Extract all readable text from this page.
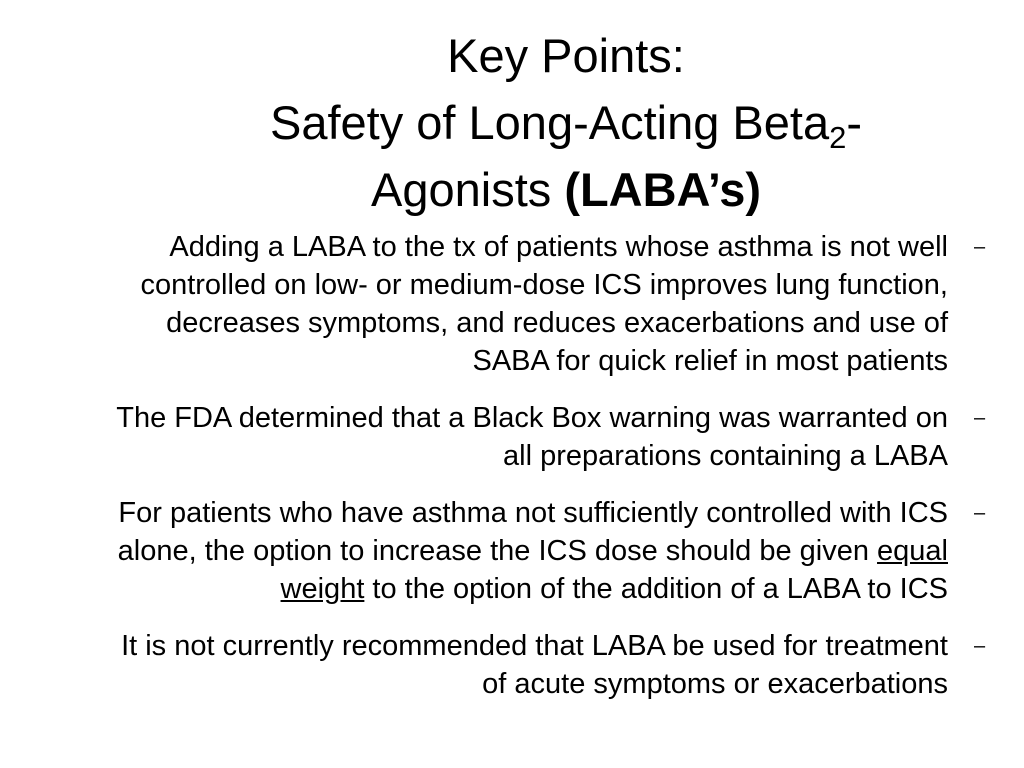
Key Points:
Safety of Long-Acting Beta$_2$-
Agonists (LABA’s)
Adding a LABA to the tx of patients whose asthma is not well controlled on low- or medium-dose ICS improves lung function, decreases symptoms, and reduces exacerbations and use of SABA for quick relief in most patients
–
The FDA determined that a Black Box warning was warranted on all preparations containing a LABA
–
For patients who have asthma not sufficiently controlled with ICS alone, the option to increase the ICS dose should be given equal weight to the option of the addition of a LABA to ICS
–
It is not currently recommended that LABA be used for treatment of acute symptoms or exacerbations
–
